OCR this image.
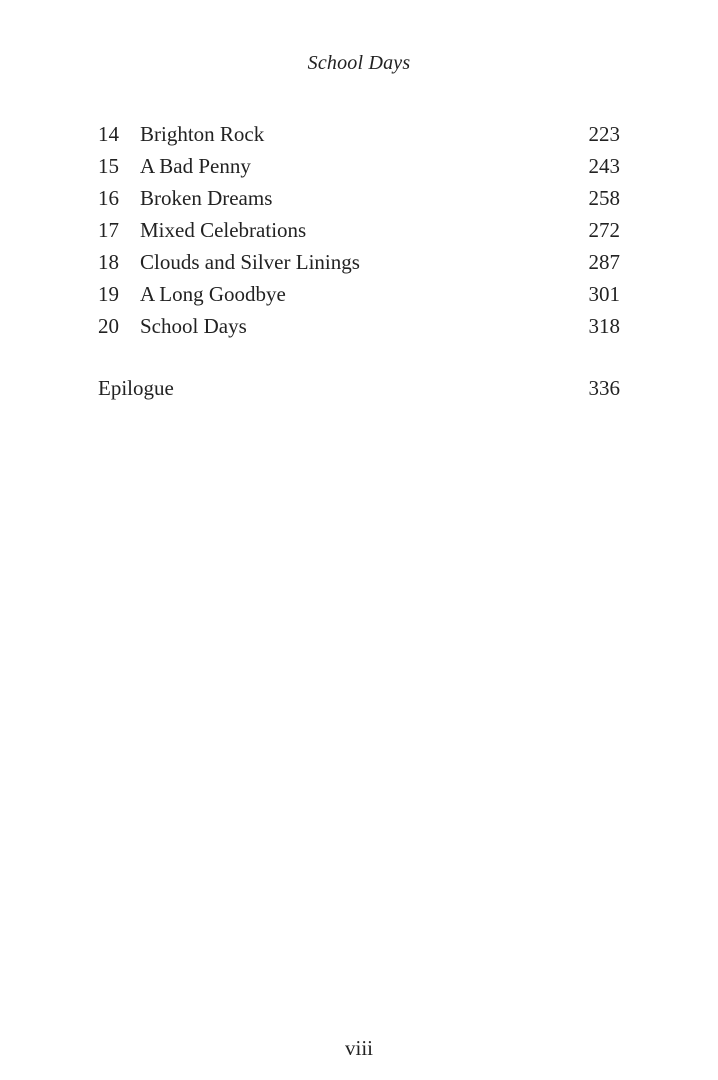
School Days
14	Brighton Rock	223
15	A Bad Penny	243
16	Broken Dreams	258
17	Mixed Celebrations	272
18	Clouds and Silver Linings	287
19	A Long Goodbye	301
20	School Days	318
Epilogue	336
viii
